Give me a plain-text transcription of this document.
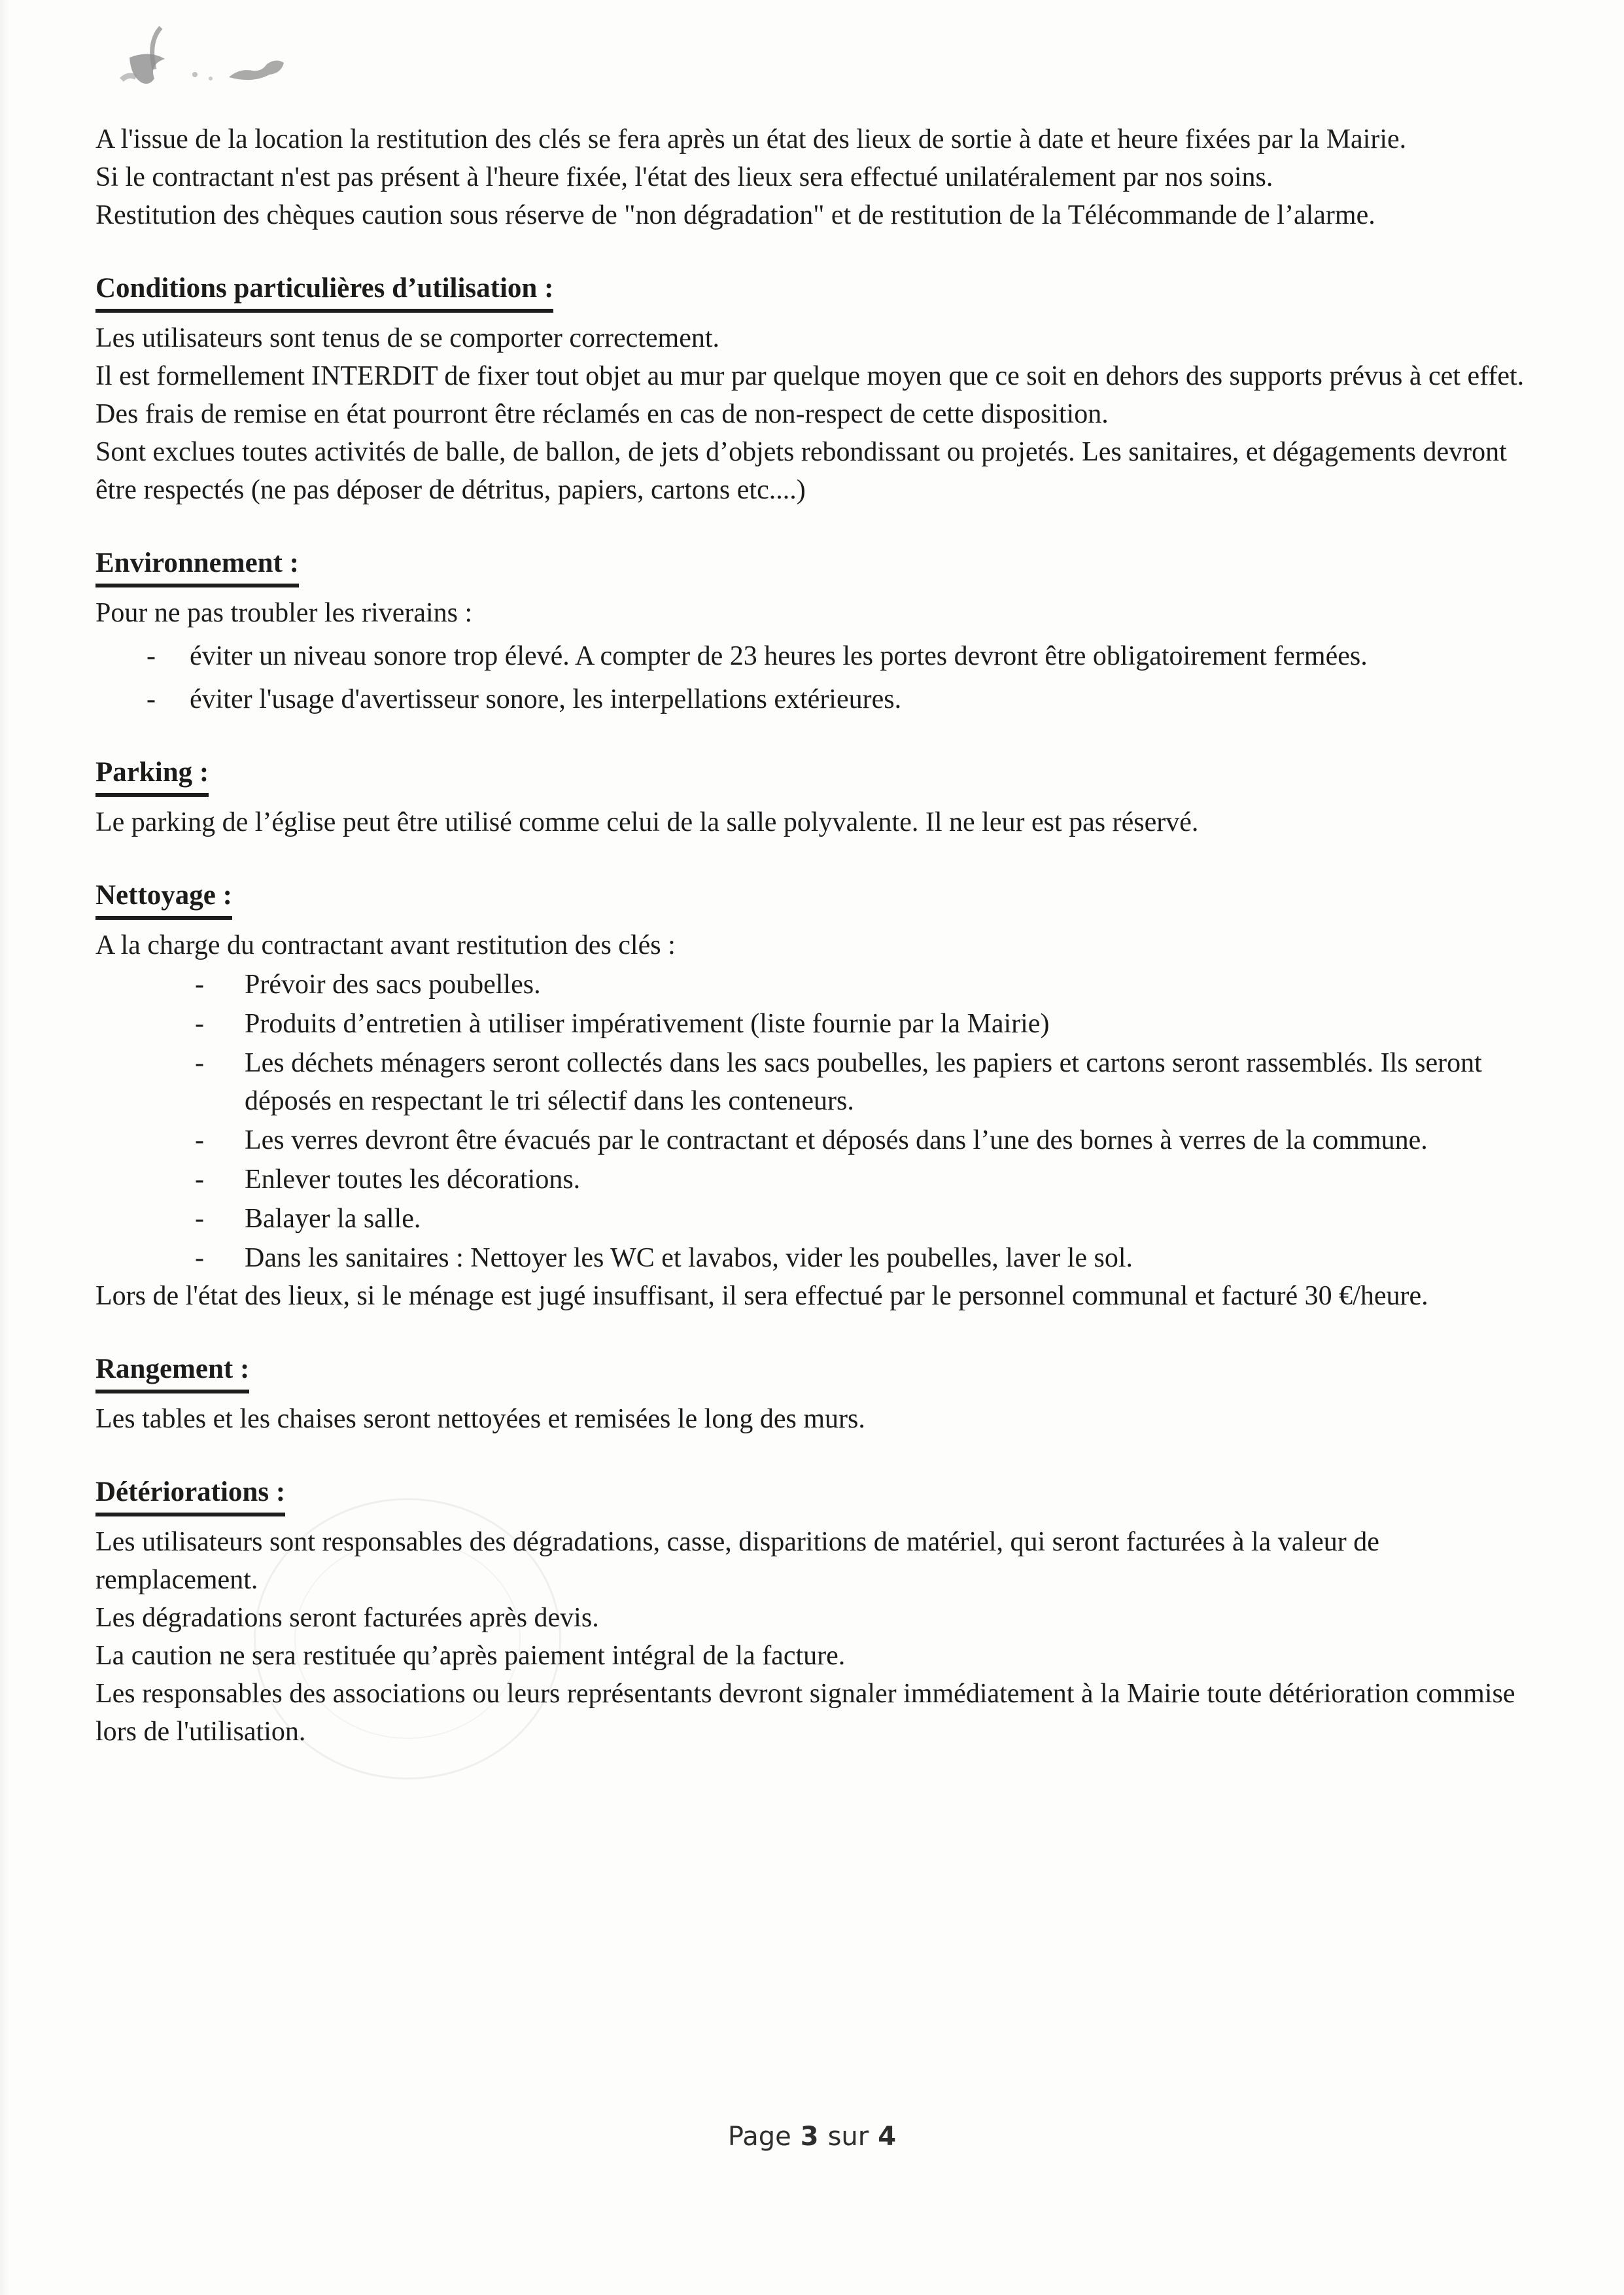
A l'issue de la location la restitution des clés se fera après un état des lieux de sortie à date et heure fixées par la Mairie.

Si le contractant n'est pas présent à l'heure fixée, l'état des lieux sera effectué unilatéralement par nos soins.

Restitution des chèques caution sous réserve de "non dégradation" et de restitution de la Télécommande de l’alarme.

Conditions particulières d’utilisation :

Les utilisateurs sont tenus de se comporter correctement.

Il est formellement INTERDIT de fixer tout objet au mur par quelque moyen que ce soit en dehors des supports prévus à cet effet. Des frais de remise en état pourront être réclamés en cas de non-respect de cette disposition.

Sont exclues toutes activités de balle, de ballon, de jets d’objets rebondissant ou projetés. Les sanitaires, et dégagements devront être respectés (ne pas déposer de détritus, papiers, cartons etc....)

Environnement :

Pour ne pas troubler les riverains :

-	éviter un niveau sonore trop élevé. A compter de 23 heures les portes devront être obligatoirement fermées.
-	éviter l'usage d'avertisseur sonore, les interpellations extérieures.
Parking :

Le parking de l’église peut être utilisé comme celui de la salle polyvalente. Il ne leur est pas réservé.

Nettoyage :

A la charge du contractant avant restitution des clés :

-	Prévoir des sacs poubelles.
-	Produits d’entretien à utiliser impérativement (liste fournie par la Mairie)
-	Les déchets ménagers seront collectés dans les sacs poubelles, les papiers et cartons seront rassemblés. Ils seront déposés en respectant le tri sélectif dans les conteneurs.
-	Les verres devront être évacués par le contractant et déposés dans l’une des bornes à verres de la commune.
-	Enlever toutes les décorations.
-	Balayer la salle.
-	Dans les sanitaires : Nettoyer les WC et lavabos, vider les poubelles, laver le sol.

Lors de l'état des lieux, si le ménage est jugé insuffisant, il sera effectué par le personnel communal et facturé 30 €/heure.

Rangement :

Les tables et les chaises seront nettoyées et remisées le long des murs.

Détériorations :

Les utilisateurs sont responsables des dégradations, casse, disparitions de matériel, qui seront facturées à la valeur de remplacement.

Les dégradations seront facturées après devis.

La caution ne sera restituée qu’après paiement intégral de la facture.

Les responsables des associations ou leurs représentants devront signaler immédiatement à la Mairie toute détérioration commise lors de l'utilisation.

Page 3 sur 4
